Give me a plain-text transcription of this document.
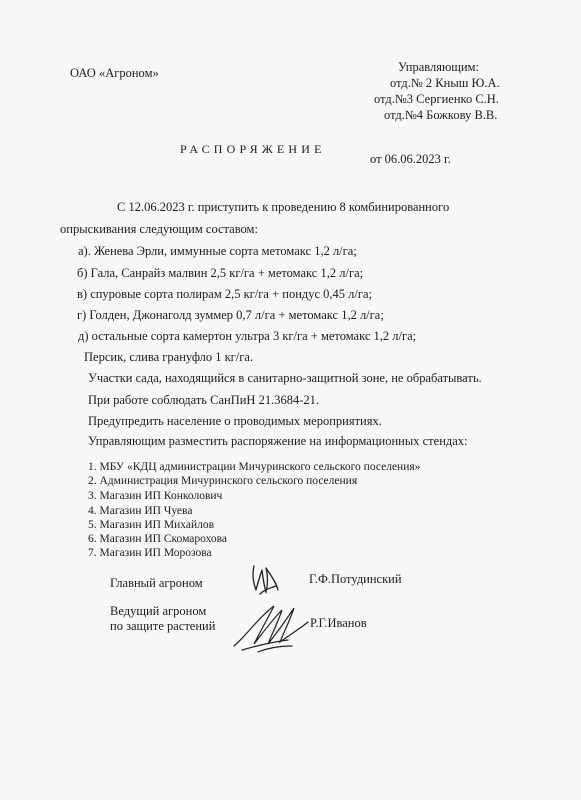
ОАО «Агроном»	Управляющим:
отд.№ 2 Кныш Ю.А.
отд.№3 Сергиенко С.Н.
отд.№4 Божкову В.В.
РАСПОРЯЖЕНИЕ
от 06.06.2023 г.
С 12.06.2023 г. приступить к проведению 8 комбинированного
опрыскивания следующим составом:
а). Женева Эрли, иммунные сорта метомакс 1,2 л/га;
б) Гала, Санрайз малвин 2,5 кг/га + метомакс 1,2 л/га;
в) спуровые сорта полирам 2,5 кг/га + пондус 0,45 л/га;
г) Голден, Джонаголд зуммер 0,7 л/га + метомакс 1,2 л/га;
д) остальные сорта камертон ультра 3 кг/га + метомакс 1,2 л/га;
Персик, слива грануфло 1 кг/га.
Участки сада, находящийся в санитарно-защитной зоне, не обрабатывать.
При работе соблюдать СанПиН 21.3684-21.
Предупредить население о проводимых мероприятиях.
Управляющим разместить распоряжение на информационных стендах:
1. МБУ «КДЦ администрации Мичуринского сельского поселения»
2. Администрация Мичуринского сельского поселения
3. Магазин ИП Конколович
4. Магазин ИП Чуева
5. Магазин ИП Михайлов
6. Магазин ИП Скомарохова
7. Магазин ИП Морозова
Главный агроном	Г.Ф.Потудинский
Ведущий агроном
по защите растений	Р.Г.Иванов
